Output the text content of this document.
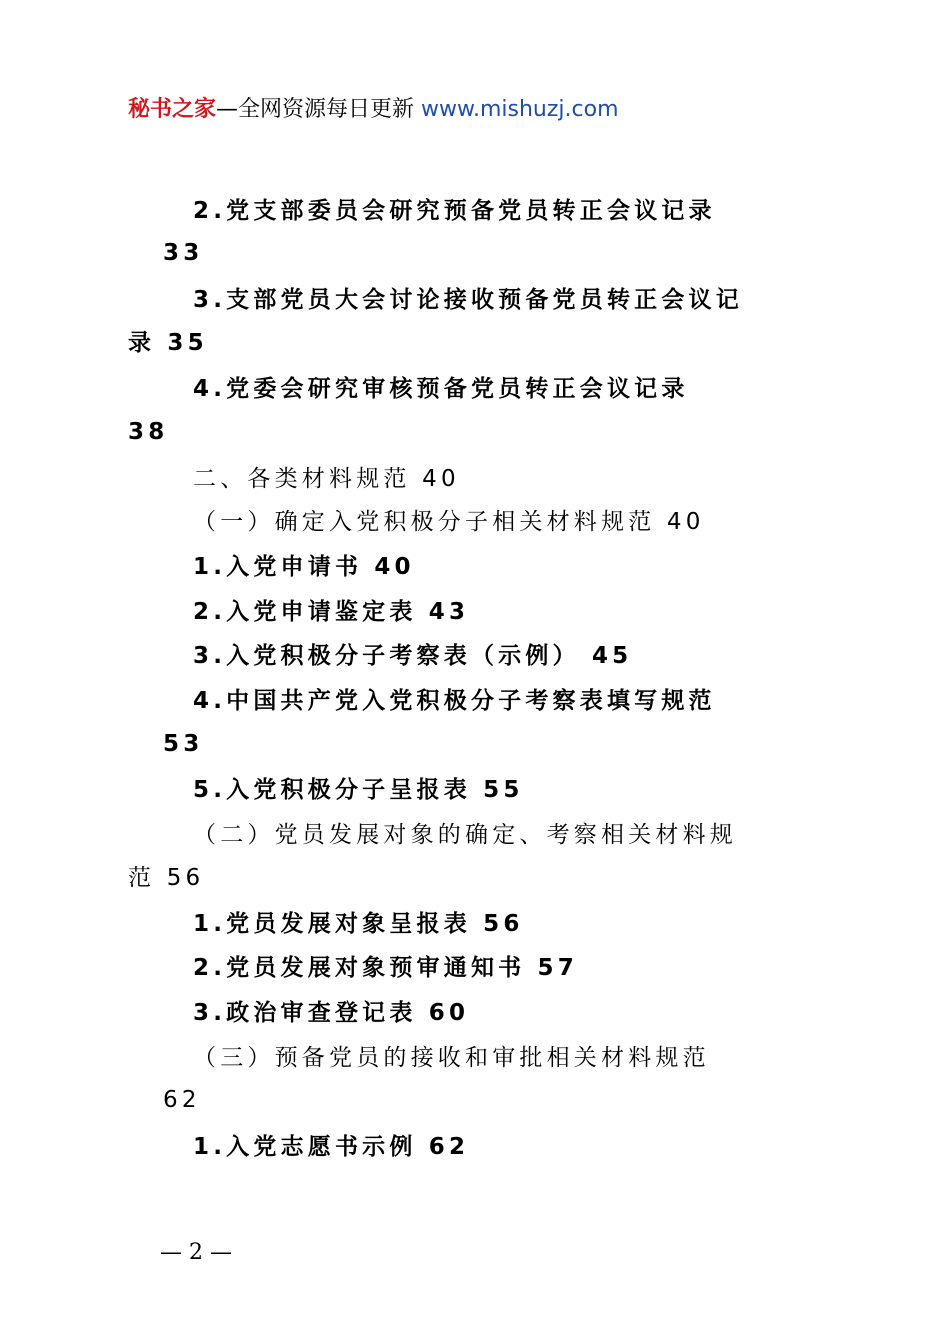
秘书之家—全网资源每日更新 www.mishuzj.com
2.党支部委员会研究预备党员转正会议记录
33
3.支部党员大会讨论接收预备党员转正会议记
录 35
4.党委会研究审核预备党员转正会议记录
38
二、各类材料规范 40
（一）确定入党积极分子相关材料规范 40
1.入党申请书 40
2.入党申请鉴定表 43
3.入党积极分子考察表（示例） 45
4.中国共产党入党积极分子考察表填写规范
53
5.入党积极分子呈报表 55
（二）党员发展对象的确定、考察相关材料规
范 56
1.党员发展对象呈报表 56
2.党员发展对象预审通知书 57
3.政治审查登记表 60
（三）预备党员的接收和审批相关材料规范
62
1.入党志愿书示例 62
— 2 —
